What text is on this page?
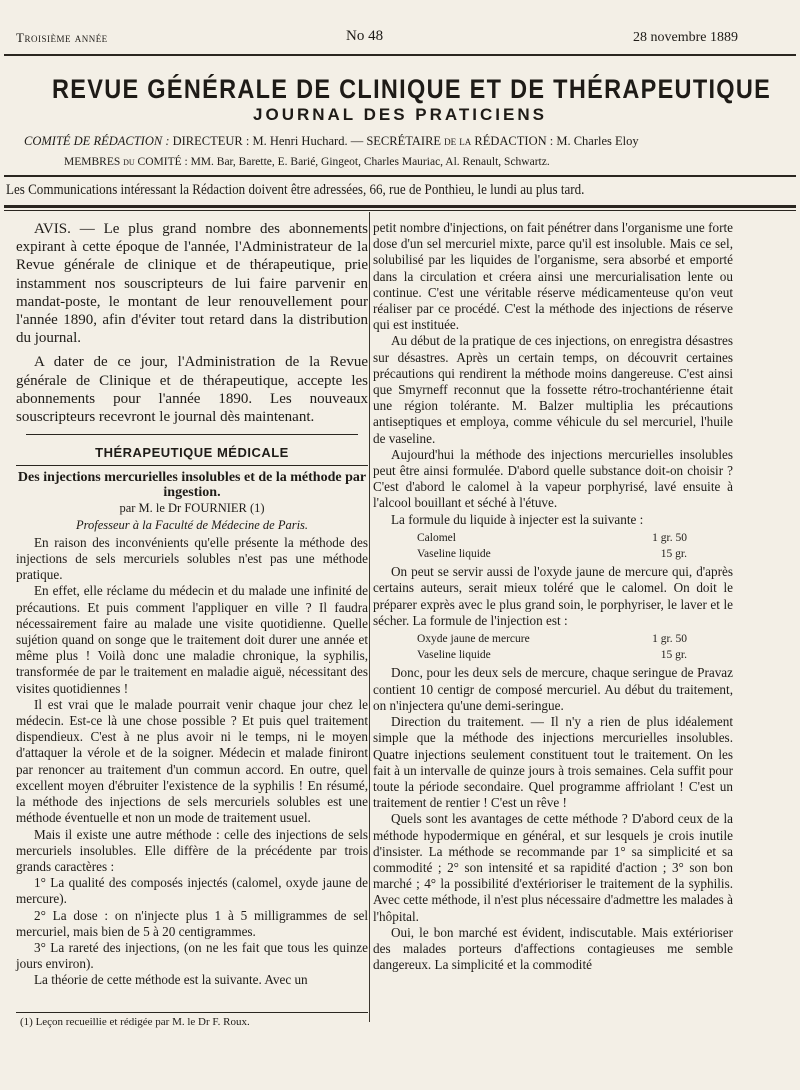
Troisième année	No 48	28 novembre 1889
REVUE GÉNÉRALE DE CLINIQUE ET DE THÉRAPEUTIQUE
JOURNAL DES PRATICIENS
COMITÉ DE RÉDACTION : DIRECTEUR : M. Henri Huchard. — SECRÉTAIRE de la RÉDACTION : M. Charles Eloy
MEMBRES du COMITÉ : MM. Bar, Barette, E. Barié, Gingeot, Charles Mauriac, Al. Renault, Schwartz.
Les Communications intéressant la Rédaction doivent être adressées, 66, rue de Ponthieu, le lundi au plus tard.

AVIS. — Le plus grand nombre des abonnements expirant à cette époque de l'année, l'Administrateur de la Revue générale de clinique et de thérapeutique, prie instamment nos souscripteurs de lui faire parvenir en mandat-poste, le montant de leur renouvellement pour l'année 1890, afin d'éviter tout retard dans la distribution du journal.

A dater de ce jour, l'Administration de la Revue générale de Clinique et de thérapeutique, accepte les abonnements pour l'année 1890. Les nouveaux souscripteurs recevront le journal dès maintenant.

THÉRAPEUTIQUE MÉDICALE
Des injections mercurielles insolubles et de la méthode par ingestion.
par M. le Dr FOURNIER (1)
Professeur à la Faculté de Médecine de Paris.

En raison des inconvénients qu'elle présente la méthode des injections de sels mercuriels solubles n'est pas une méthode pratique.

En effet, elle réclame du médecin et du malade une infinité de précautions. Et puis comment l'appliquer en ville ? Il faudra nécessairement faire au malade une visite quotidienne. Quelle sujétion quand on songe que le traitement doit durer une année et même plus ! Voilà donc une maladie chronique, la syphilis, transformée de par le traitement en maladie aiguë, nécessitant des visites quotidiennes !

Il est vrai que le malade pourrait venir chaque jour chez le médecin. Est-ce là une chose possible ? Et puis quel traitement dispendieux. C'est à ne plus avoir ni le temps, ni le moyen d'attaquer la vérole et de la soigner. Médecin et malade finiront par renoncer au traitement d'un commun accord. En outre, quel excellent moyen d'ébruiter l'existence de la syphilis ! En résumé, la méthode des injections de sels mercuriels solubles est une méthode éventuelle et non un mode de traitement usuel.

Mais il existe une autre méthode : celle des injections de sels mercuriels insolubles. Elle diffère de la précédente par trois grands caractères :

1° La qualité des composés injectés (calomel, oxyde jaune de mercure).

2° La dose : on n'injecte plus 1 à 5 milligrammes de sel mercuriel, mais bien de 5 à 20 centigrammes.

3° La rareté des injections, (on ne les fait que tous les quinze jours environ).

La théorie de cette méthode est la suivante. Avec un

petit nombre d'injections, on fait pénétrer dans l'organisme une forte dose d'un sel mercuriel mixte, parce qu'il est insoluble. Mais ce sel, solubilisé par les liquides de l'organisme, sera absorbé et emporté dans la circulation et créera ainsi une mercurialisation lente ou continue. C'est une véritable réserve médicamenteuse qu'on veut réaliser par ce procédé. C'est la méthode des injections de réserve qui est instituée.

Au début de la pratique de ces injections, on enregistra désastres sur désastres. Après un certain temps, on découvrit certaines précautions qui rendirent la méthode moins dangereuse. C'est ainsi que Smyrneff reconnut que la fossette rétro-trochantérienne était une région tolérante. M. Balzer multiplia les précautions antiseptiques et employa, comme véhicule du sel mercuriel, l'huile de vaseline.

Aujourd'hui la méthode des injections mercurielles insolubles peut être ainsi formulée. D'abord quelle substance doit-on choisir ? C'est d'abord le calomel à la vapeur porphyrisé, lavé ensuite à l'alcool bouillant et séché à l'étuve.

La formule du liquide à injecter est la suivante :

Calomel	1 gr. 50
Vaseline liquide	15 gr.

On peut se servir aussi de l'oxyde jaune de mercure qui, d'après certains auteurs, serait mieux toléré que le calomel. On doit le préparer exprès avec le plus grand soin, le porphyriser, le laver et le sécher. La formule de l'injection est :

Oxyde jaune de mercure	1 gr. 50
Vaseline liquide	15 gr.

Donc, pour les deux sels de mercure, chaque seringue de Pravaz contient 10 centigr de composé mercuriel. Au début du traitement, on n'injectera qu'une demi-seringue.

Direction du traitement. — Il n'y a rien de plus idéalement simple que la méthode des injections mercurielles insolubles. Quatre injections seulement constituent tout le traitement. On les fait à un intervalle de quinze jours à trois semaines. Cela suffit pour toute la période secondaire. Quel programme affriolant ! C'est un traitement de rentier ! C'est un rêve !

Quels sont les avantages de cette méthode ? D'abord ceux de la méthode hypodermique en général, et sur lesquels je crois inutile d'insister. La méthode se recommande par 1° sa simplicité et sa commodité ; 2° son intensité et sa rapidité d'action ; 3° son bon marché ; 4° la possibilité d'extérioriser le traitement de la syphilis. Avec cette méthode, il n'est plus nécessaire d'admettre les malades à l'hôpital.

Oui, le bon marché est évident, indiscutable. Mais extérioriser des malades porteurs d'affections contagieuses me semble dangereux. La simplicité et la commodité

(1) Leçon recueillie et rédigée par M. le Dr F. Roux.
